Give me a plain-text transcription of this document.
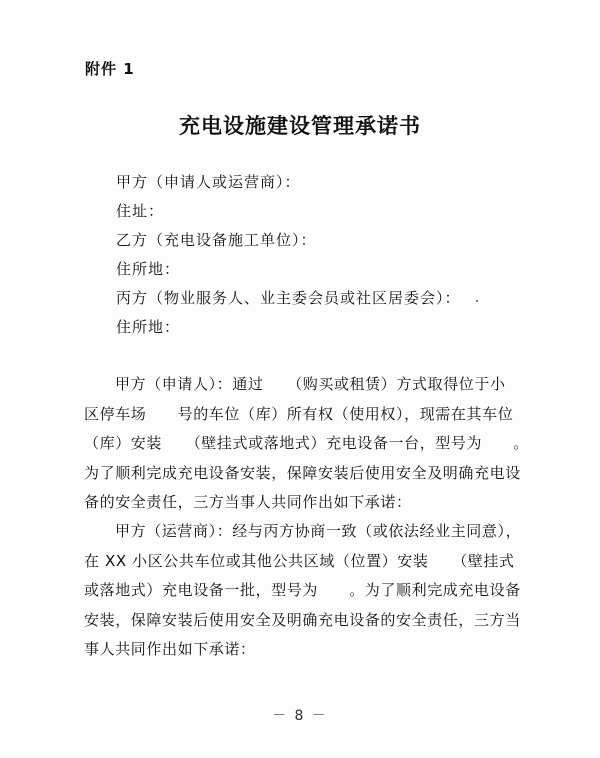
附件 1
充电设施建设管理承诺书
甲方（申请人或运营商）：
住址：
乙方（充电设备施工单位）：
住所地：
丙方（物业服务人、业主委会员或社区居委会）：
住所地：
甲方（申请人）：通过　　（购买或租赁）方式取得位于小
区停车场　　号的车位（库）所有权（使用权），现需在其车位
（库）安装　　（壁挂式或落地式）充电设备一台，型号为　　。
为了顺利完成充电设备安装，保障安装后使用安全及明确充电设
备的安全责任，三方当事人共同作出如下承诺：
甲方（运营商）：经与丙方协商一致（或依法经业主同意），
在 XX 小区公共车位或其他公共区域（位置）安装　　（壁挂式
或落地式）充电设备一批，型号为　　。为了顺利完成充电设备
安装，保障安装后使用安全及明确充电设备的安全责任，三方当
事人共同作出如下承诺：
－ 8 －
